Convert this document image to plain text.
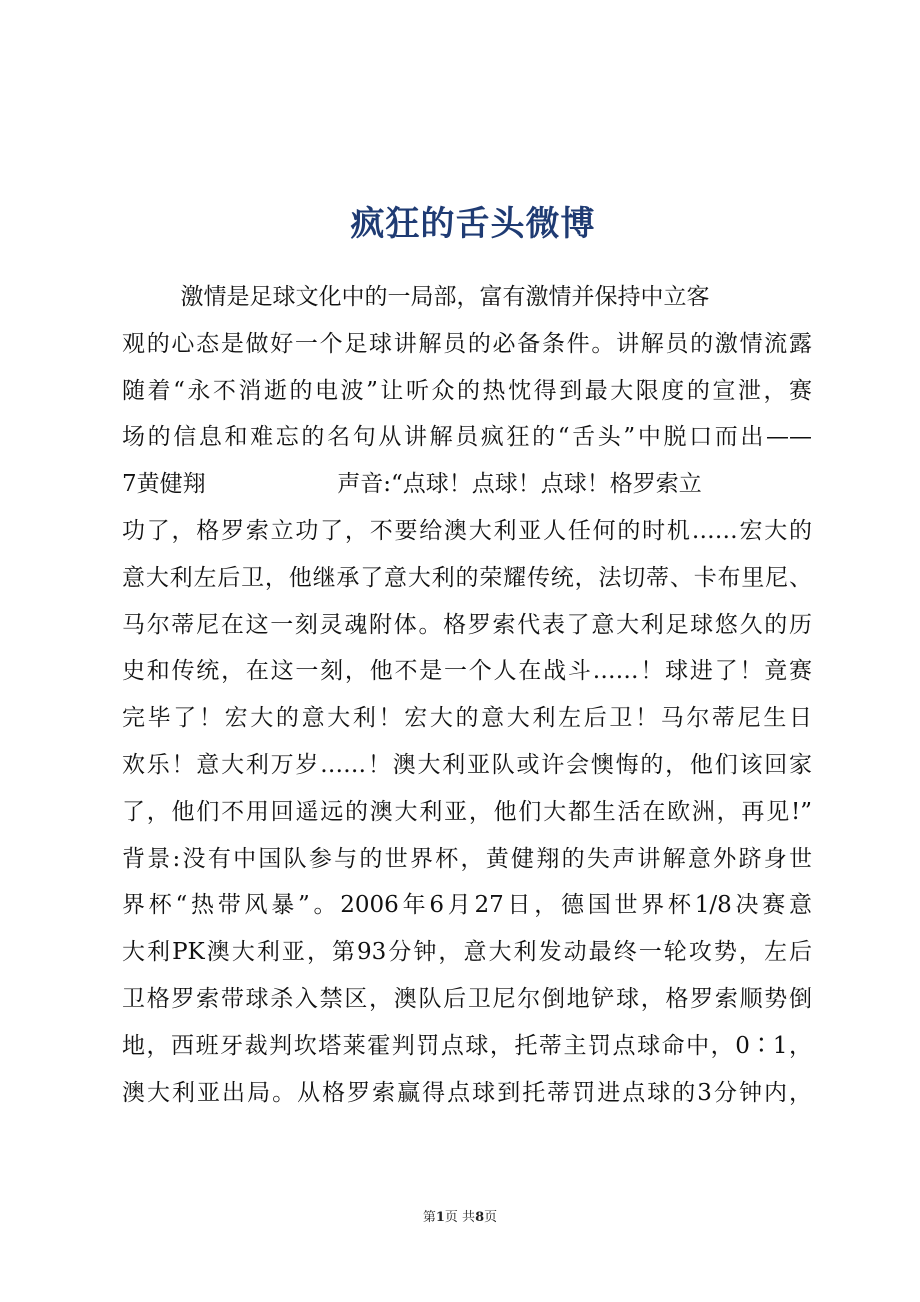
疯狂的舌头微博
激情是足球文化中的一局部，富有激情并保持中立客
观的心态是做好一个足球讲解员的必备条件。讲解员的激情流露
随着“永不消逝的电波”让听众的热忱得到最大限度的宣泄，赛
场的信息和难忘的名句从讲解员疯狂的“舌头”中脱口而出——
7黄健翔                  声音:“点球！点球！点球！格罗索立
功了，格罗索立功了，不要给澳大利亚人任何的时机……宏大的
意大利左后卫，他继承了意大利的荣耀传统，法切蒂、卡布里尼、
马尔蒂尼在这一刻灵魂附体。格罗索代表了意大利足球悠久的历
史和传统，在这一刻，他不是一个人在战斗……！球进了！竟赛
完毕了！宏大的意大利！宏大的意大利左后卫！马尔蒂尼生日
欢乐！意大利万岁……！澳大利亚队或许会懊悔的，他们该回家
了，他们不用回遥远的澳大利亚，他们大都生活在欧洲，再见!”
背景:没有中国队参与的世界杯，黄健翔的失声讲解意外跻身世
界杯“热带风暴”。2006年6月27日，德国世界杯1/8决赛意
大利PK澳大利亚，第93分钟，意大利发动最终一轮攻势，左后
卫格罗索带球杀入禁区，澳队后卫尼尔倒地铲球，格罗索顺势倒
地，西班牙裁判坎塔莱霍判罚点球，托蒂主罚点球命中，0∶1，
澳大利亚出局。从格罗索赢得点球到托蒂罚进点球的3分钟内，
第1页 共8页
